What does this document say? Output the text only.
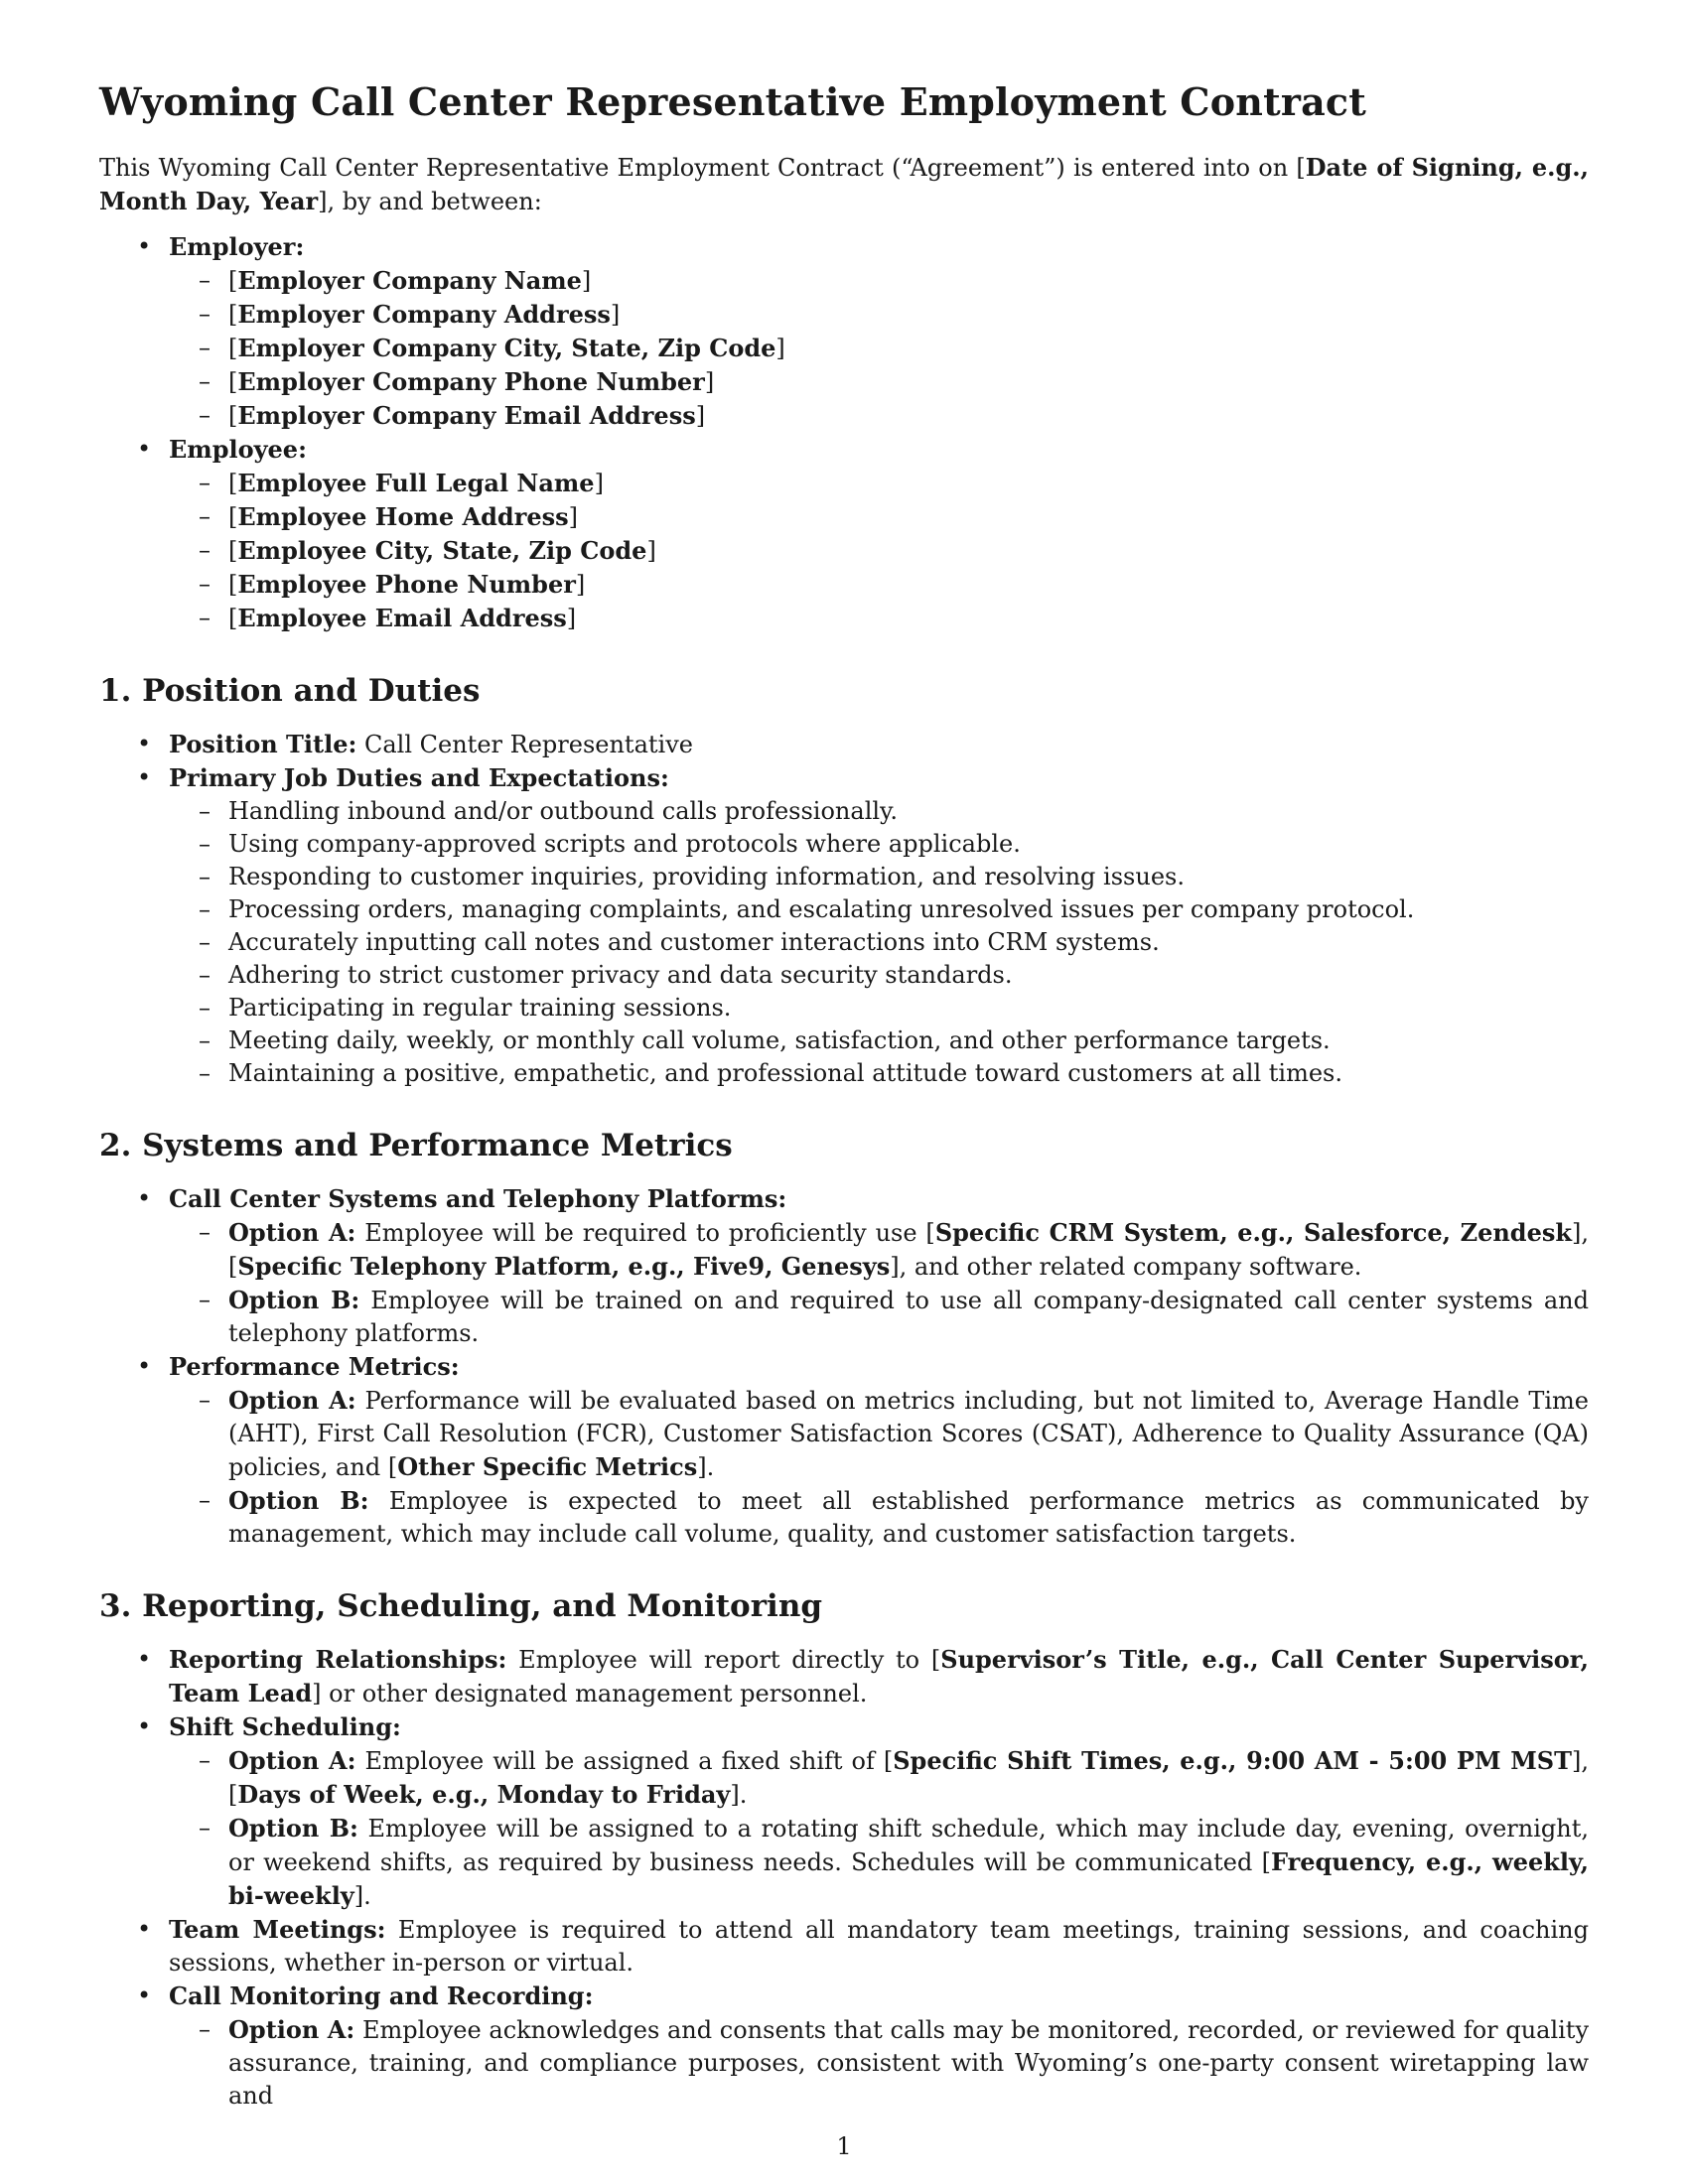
Wyoming Call Center Representative Employment Contract

This Wyoming Call Center Representative Employment Contract (“Agreement”) is entered into on [Date of Signing, e.g., Month Day, Year], by and between:

• Employer:
– [Employer Company Name]
– [Employer Company Address]
– [Employer Company City, State, Zip Code]
– [Employer Company Phone Number]
– [Employer Company Email Address]
• Employee:
– [Employee Full Legal Name]
– [Employee Home Address]
– [Employee City, State, Zip Code]
– [Employee Phone Number]
– [Employee Email Address]
1. Position and Duties
• Position Title: Call Center Representative
• Primary Job Duties and Expectations:
– Handling inbound and/or outbound calls professionally.
– Using company-approved scripts and protocols where applicable.
– Responding to customer inquiries, providing information, and resolving issues.
– Processing orders, managing complaints, and escalating unresolved issues per company protocol.
– Accurately inputting call notes and customer interactions into CRM systems.
– Adhering to strict customer privacy and data security standards.
– Participating in regular training sessions.
– Meeting daily, weekly, or monthly call volume, satisfaction, and other performance targets.
– Maintaining a positive, empathetic, and professional attitude toward customers at all times.
2. Systems and Performance Metrics
• Call Center Systems and Telephony Platforms:
– Option A: Employee will be required to proficiently use [Specific CRM System, e.g., Salesforce, Zendesk], [Specific Telephony Platform, e.g., Five9, Genesys], and other related company software.
– Option B: Employee will be trained on and required to use all company-designated call center systems and telephony platforms.
• Performance Metrics:
– Option A: Performance will be evaluated based on metrics including, but not limited to, Average Handle Time (AHT), First Call Resolution (FCR), Customer Satisfaction Scores (CSAT), Adherence to Quality Assurance (QA) policies, and [Other Specific Metrics].
– Option B: Employee is expected to meet all established performance metrics as communicated by management, which may include call volume, quality, and customer satisfaction targets.
3. Reporting, Scheduling, and Monitoring
• Reporting Relationships: Employee will report directly to [Supervisor’s Title, e.g., Call Center Supervisor, Team Lead] or other designated management personnel.
• Shift Scheduling:
– Option A: Employee will be assigned a fixed shift of [Specific Shift Times, e.g., 9:00 AM - 5:00 PM MST], [Days of Week, e.g., Monday to Friday].
– Option B: Employee will be assigned to a rotating shift schedule, which may include day, evening, overnight, or weekend shifts, as required by business needs. Schedules will be communicated [Frequency, e.g., weekly, bi-weekly].
• Team Meetings: Employee is required to attend all mandatory team meetings, training sessions, and coaching sessions, whether in-person or virtual.
• Call Monitoring and Recording:
– Option A: Employee acknowledges and consents that calls may be monitored, recorded, or reviewed for quality assurance, training, and compliance purposes, consistent with Wyoming’s one-party consent wiretapping law and
1
